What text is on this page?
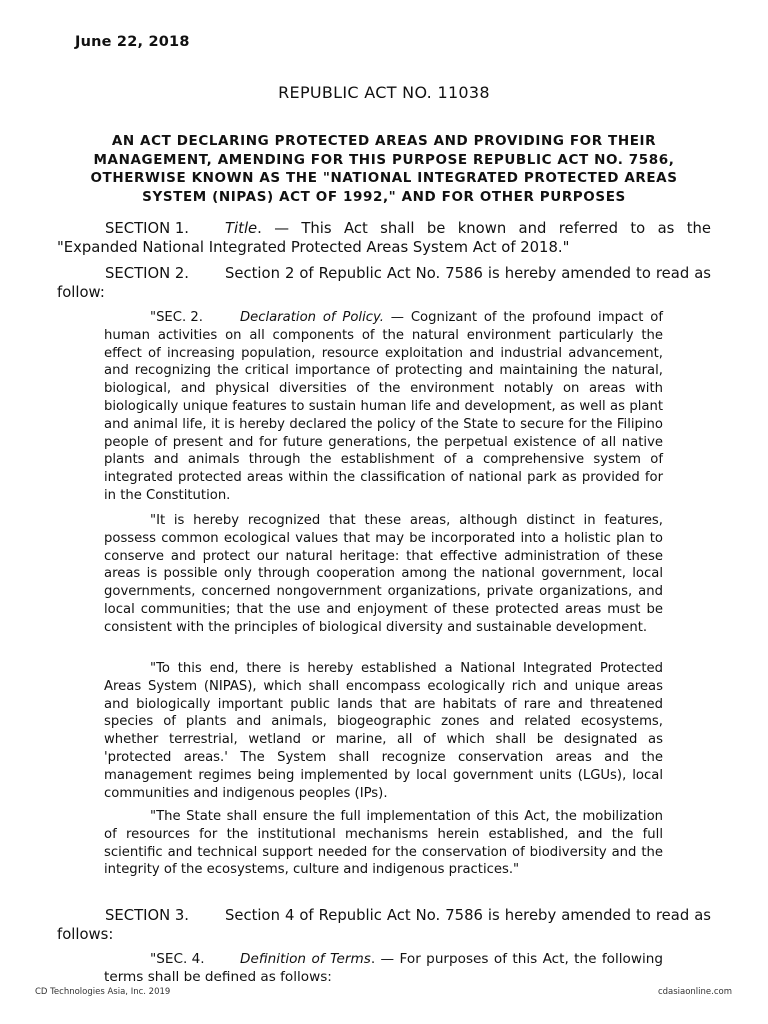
June 22, 2018
REPUBLIC ACT NO. 11038
AN ACT DECLARING PROTECTED AREAS AND PROVIDING FOR THEIR MANAGEMENT, AMENDING FOR THIS PURPOSE REPUBLIC ACT NO. 7586, OTHERWISE KNOWN AS THE "NATIONAL INTEGRATED PROTECTED AREAS SYSTEM (NIPAS) ACT OF 1992," AND FOR OTHER PURPOSES
SECTION 1. Title. — This Act shall be known and referred to as the "Expanded National Integrated Protected Areas System Act of 2018."
SECTION 2. Section 2 of Republic Act No. 7586 is hereby amended to read as follow:
"SEC. 2.	Declaration of Policy. — Cognizant of the profound impact of human activities on all components of the natural environment particularly the effect of increasing population, resource exploitation and industrial advancement, and recognizing the critical importance of protecting and maintaining the natural, biological, and physical diversities of the environment notably on areas with biologically unique features to sustain human life and development, as well as plant and animal life, it is hereby declared the policy of the State to secure for the Filipino people of present and for future generations, the perpetual existence of all native plants and animals through the establishment of a comprehensive system of integrated protected areas within the classification of national park as provided for in the Constitution.
"It is hereby recognized that these areas, although distinct in features, possess common ecological values that may be incorporated into a holistic plan to conserve and protect our natural heritage: that effective administration of these areas is possible only through cooperation among the national government, local governments, concerned nongovernment organizations, private organizations, and local communities; that the use and enjoyment of these protected areas must be consistent with the principles of biological diversity and sustainable development.
"To this end, there is hereby established a National Integrated Protected Areas System (NIPAS), which shall encompass ecologically rich and unique areas and biologically important public lands that are habitats of rare and threatened species of plants and animals, biogeographic zones and related ecosystems, whether terrestrial, wetland or marine, all of which shall be designated as 'protected areas.' The System shall recognize conservation areas and the management regimes being implemented by local government units (LGUs), local communities and indigenous peoples (IPs).
"The State shall ensure the full implementation of this Act, the mobilization of resources for the institutional mechanisms herein established, and the full scientific and technical support needed for the conservation of biodiversity and the integrity of the ecosystems, culture and indigenous practices."
SECTION 3. Section 4 of Republic Act No. 7586 is hereby amended to read as follows:
"SEC. 4.	Definition of Terms. — For purposes of this Act, the following terms shall be defined as follows:
CD Technologies Asia, Inc. 2019	cdasiaonline.com
